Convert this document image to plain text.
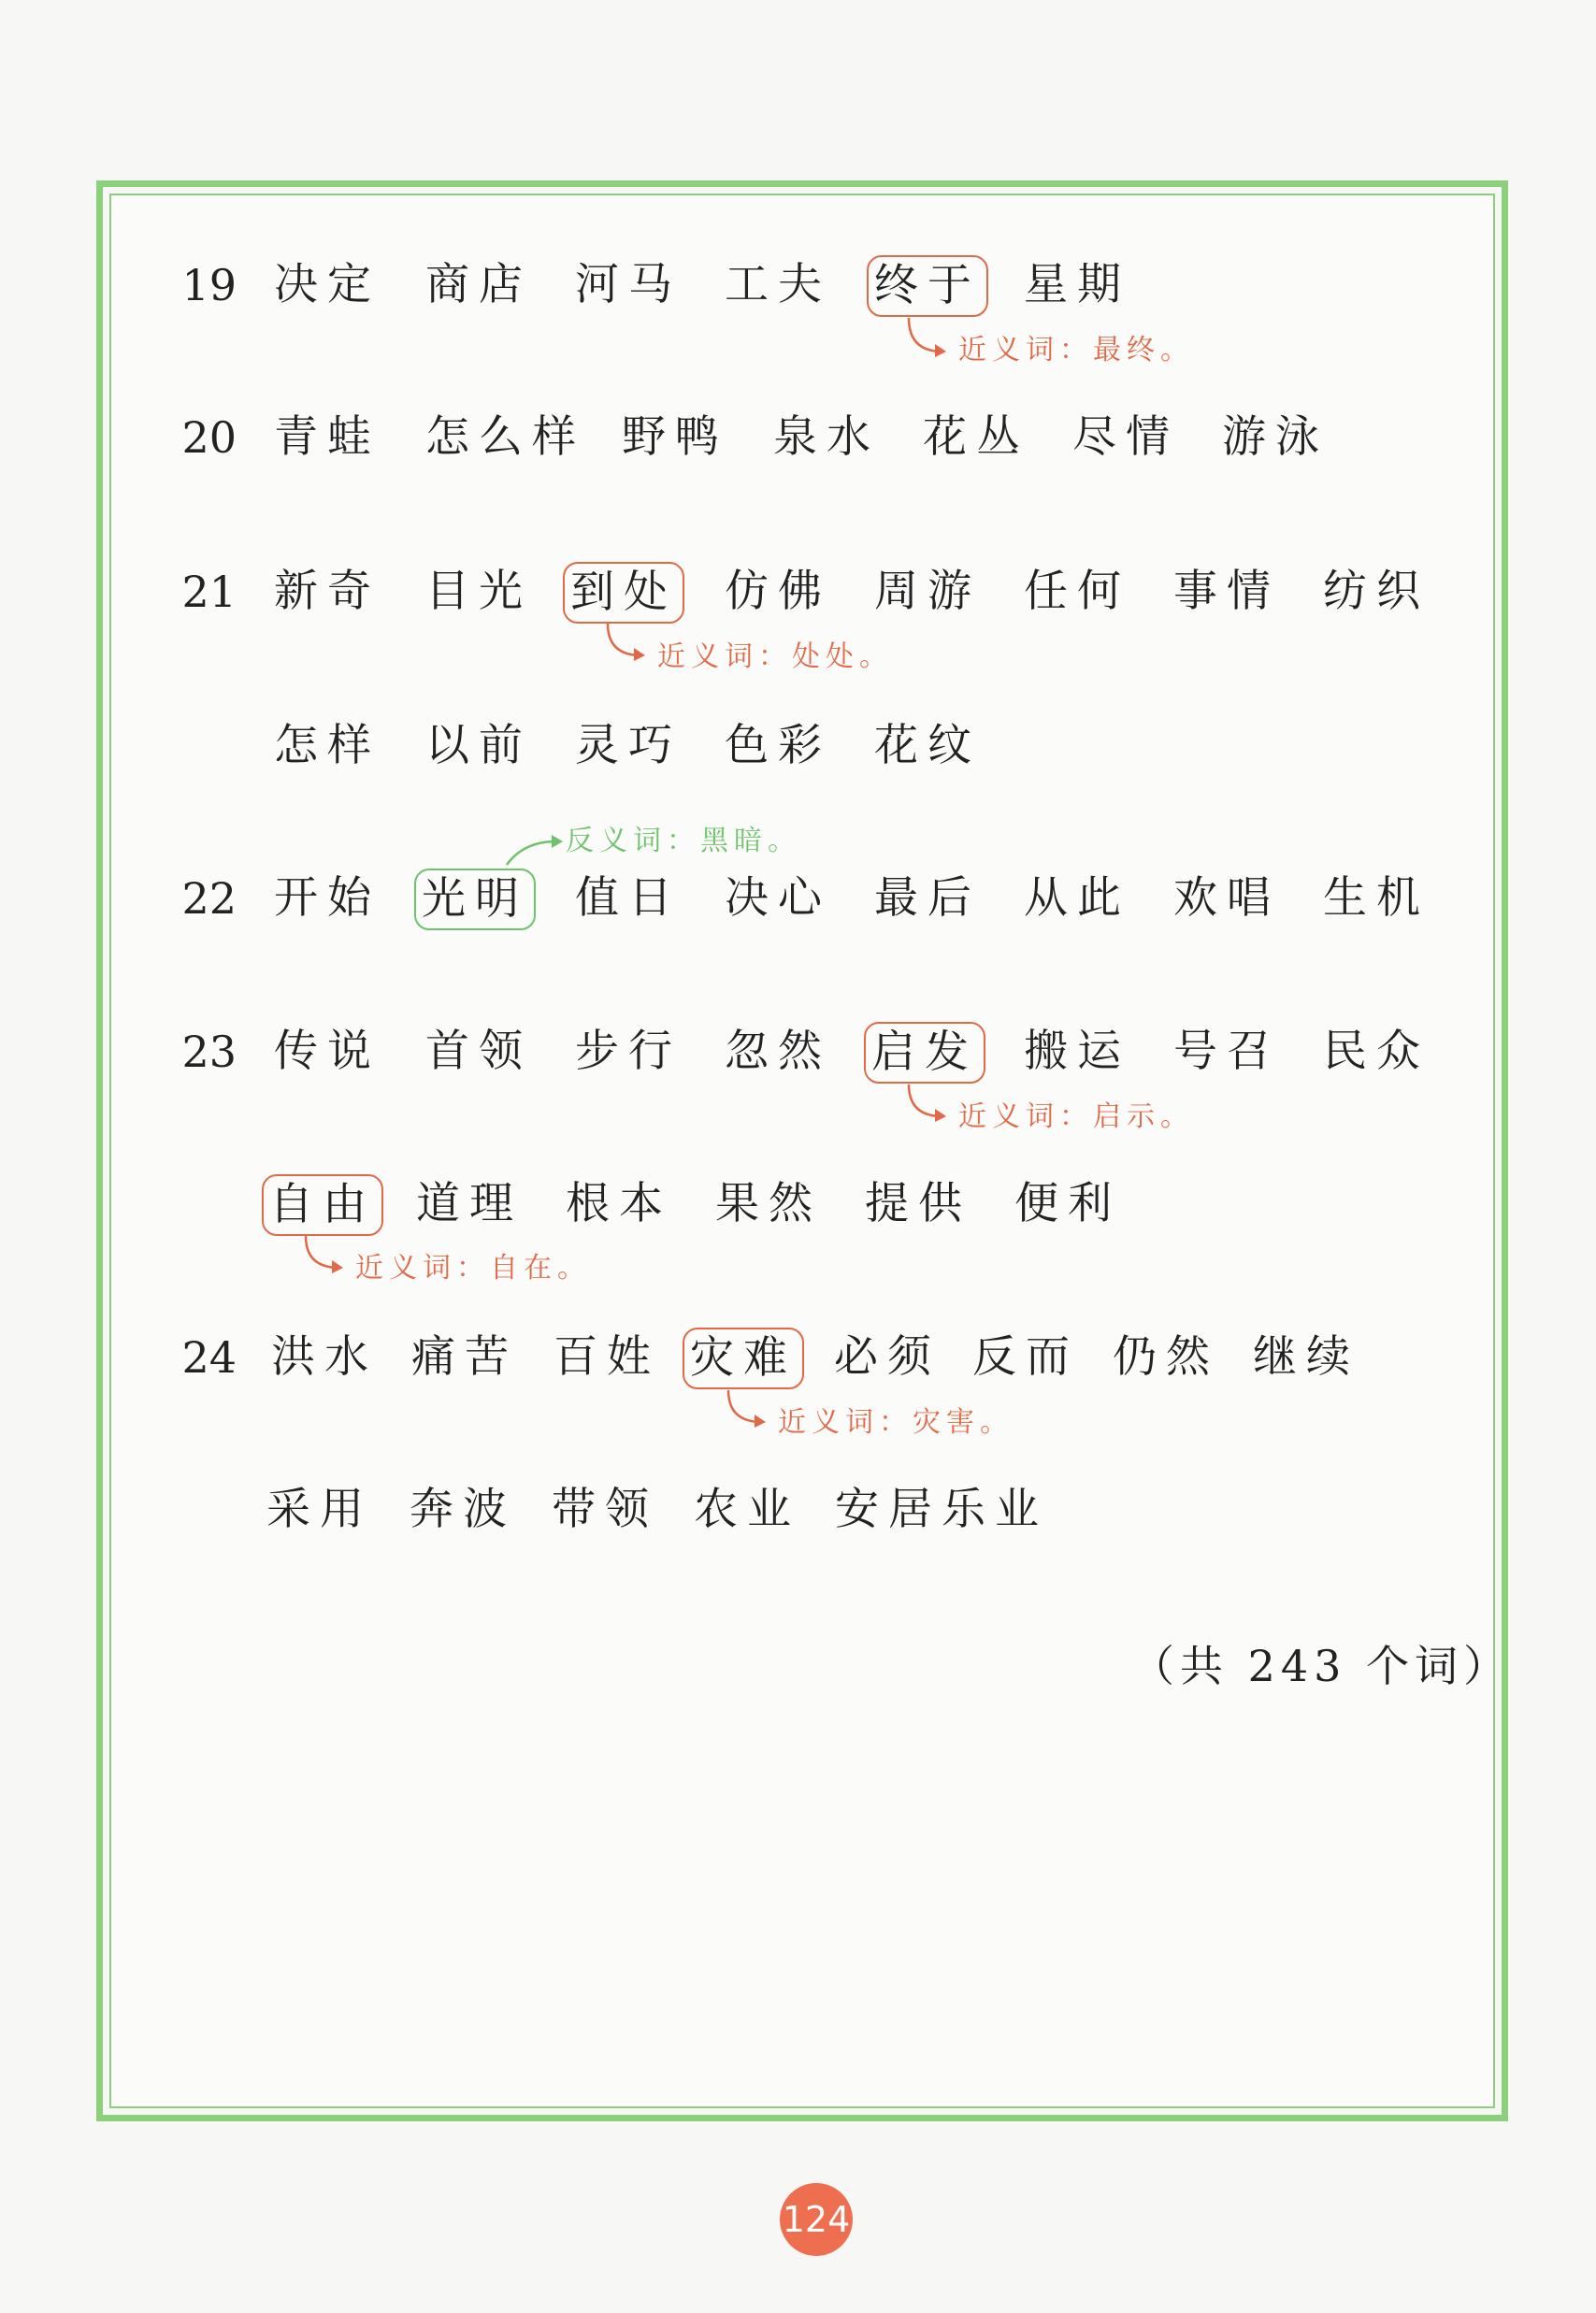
19 决定 商店 河马 工夫 终于 星期
近义词：最终。
20 青蛙 怎么样 野鸭 泉水 花丛 尽情 游泳
21 新奇 目光 到处 仿佛 周游 任何 事情 纺织
近义词：处处。
怎样 以前 灵巧 色彩 花纹
反义词：黑暗。
22 开始 光明 值日 决心 最后 从此 欢唱 生机
23 传说 首领 步行 忽然 启发 搬运 号召 民众
近义词：启示。
自由 道理 根本 果然 提供 便利
近义词：自在。
24 洪水 痛苦 百姓 灾难 必须 反而 仍然 继续
近义词：灾害。
采用 奔波 带领 农业 安居乐业
（共 243 个词）
124
